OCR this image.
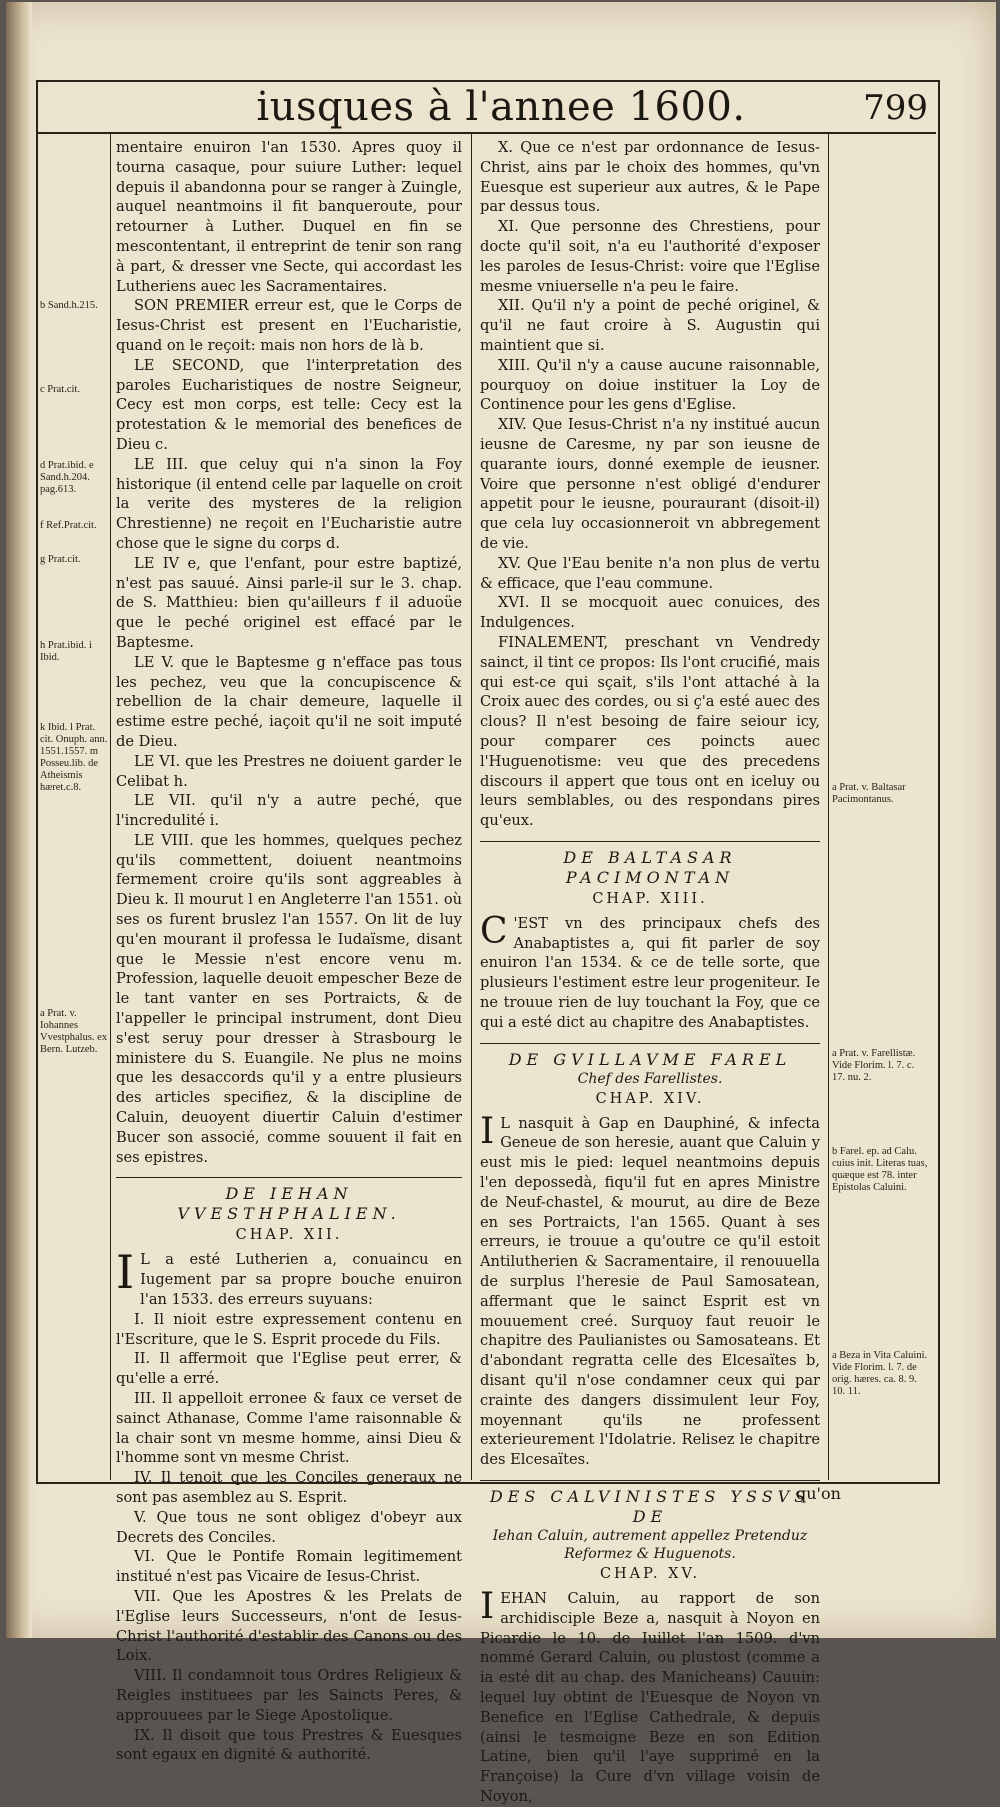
iusques à l'annee 1600.	799
b Sand.h.215.
c Prat.cit.
d Prat.ibid. e Sand.h.204. pag.613.
f Ref.Prat.cit.
g Prat.cit.
h Prat.ibid. i Ibid.
k Ibid. l Prat. cit. Onuph. ann. 1551.1557. m Posseu.lib. de Atheismis hæret.c.8.
a Prat. v. Iohannes Vvestphalus. ex Bern. Lutzeb.
a Prat. v. Baltasar Pacimontanus.
a Prat. v. Farellistæ. Vide Florim. l. 7. c. 17. nu. 2.
b Farel. ep. ad Calu. cuius init. Literas tuas, quæque est 78. inter Epistolas Caluini.
a Beza in Vita Caluini. Vide Florim. l. 7. de orig. hæres. ca. 8. 9. 10. 11.

mentaire enuiron l'an 1530. Apres quoy il tourna casaque, pour suiure Luther: lequel depuis il abandonna pour se ranger à Zuingle, auquel neantmoins il fit banqueroute, pour retourner à Luther. Duquel en fin se mescontentant, il entreprint de tenir son rang à part, & dresser vne Secte, qui accordast les Lutheriens auec les Sacramentaires.

SON PREMIER erreur est, que le Corps de Iesus-Christ est present en l'Eucharistie, quand on le reçoit: mais non hors de là b.

LE SECOND, que l'interpretation des paroles Eucharistiques de nostre Seigneur, Cecy est mon corps, est telle: Cecy est la protestation & le memorial des benefices de Dieu c.

LE III. que celuy qui n'a sinon la Foy historique (il entend celle par laquelle on croit la verite des mysteres de la religion Chrestienne) ne reçoit en l'Eucharistie autre chose que le signe du corps d.

LE IV e, que l'enfant, pour estre baptizé, n'est pas sauué. Ainsi parle-il sur le 3. chap. de S. Matthieu: bien qu'ailleurs f il aduoüe que le peché originel est effacé par le Baptesme.

LE V. que le Baptesme g n'efface pas tous les pechez, veu que la concupiscence & rebellion de la chair demeure, laquelle il estime estre peché, iaçoit qu'il ne soit imputé de Dieu.

LE VI. que les Prestres ne doiuent garder le Celibat h.

LE VII. qu'il n'y a autre peché, que l'incredulité i.

LE VIII. que les hommes, quelques pechez qu'ils commettent, doiuent neantmoins fermement croire qu'ils sont aggreables à Dieu k. Il mourut l en Angleterre l'an 1551. où ses os furent bruslez l'an 1557. On lit de luy qu'en mourant il professa le Iudaïsme, disant que le Messie n'est encore venu m. Profession, laquelle deuoit empescher Beze de le tant vanter en ses Portraicts, & de l'appeller le principal instrument, dont Dieu s'est seruy pour dresser à Strasbourg le ministere du S. Euangile. Ne plus ne moins que les desaccords qu'il y a entre plusieurs des articles specifiez, & la discipline de Caluin, deuoyent diuertir Caluin d'estimer Bucer son associé, comme souuent il fait en ses epistres.

DE IEHAN VVESTHPHALIEN.
CHAP. XII.

I L a esté Lutherien a, conuaincu en Iugement par sa propre bouche enuiron l'an 1533. des erreurs suyuans:

I. Il nioit estre expressement contenu en l'Escriture, que le S. Esprit procede du Fils.

II. Il affermoit que l'Eglise peut errer, & qu'elle a erré.

III. Il appelloit erronee & faux ce verset de sainct Athanase, Comme l'ame raisonnable & la chair sont vn mesme homme, ainsi Dieu & l'homme sont vn mesme Christ.

IV. Il tenoit que les Conciles generaux ne sont pas asemblez au S. Esprit.

V. Que tous ne sont obligez d'obeyr aux Decrets des Conciles.

VI. Que le Pontife Romain legitimement institué n'est pas Vicaire de Iesus-Christ.

VII. Que les Apostres & les Prelats de l'Eglise leurs Successeurs, n'ont de Iesus-Christ l'authorité d'establir des Canons ou des Loix.

VIII. Il condamnoit tous Ordres Religieux & Reigles instituees par les Saincts Peres, & approuuees par le Siege Apostolique.

IX. Il disoit que tous Prestres & Euesques sont egaux en dignité & authorité.

X. Que ce n'est par ordonnance de Iesus-Christ, ains par le choix des hommes, qu'vn Euesque est superieur aux autres, & le Pape par dessus tous.

XI. Que personne des Chrestiens, pour docte qu'il soit, n'a eu l'authorité d'exposer les paroles de Iesus-Christ: voire que l'Eglise mesme vniuerselle n'a peu le faire.

XII. Qu'il n'y a point de peché originel, & qu'il ne faut croire à S. Augustin qui maintient que si.

XIII. Qu'il n'y a cause aucune raisonnable, pourquoy on doiue instituer la Loy de Continence pour les gens d'Eglise.

XIV. Que Iesus-Christ n'a ny institué aucun ieusne de Caresme, ny par son ieusne de quarante iours, donné exemple de ieusner. Voire que personne n'est obligé d'endurer appetit pour le ieusne, pouraurant (disoit-il) que cela luy occasionneroit vn abbregement de vie.

XV. Que l'Eau benite n'a non plus de vertu & efficace, que l'eau commune.

XVI. Il se mocquoit auec conuices, des Indulgences.

FINALEMENT, preschant vn Vendredy sainct, il tint ce propos: Ils l'ont crucifié, mais qui est-ce qui sçait, s'ils l'ont attaché à la Croix auec des cordes, ou si ç'a esté auec des clous? Il n'est besoing de faire seiour icy, pour comparer ces poincts auec l'Huguenotisme: veu que des precedens discours il appert que tous ont en iceluy ou leurs semblables, ou des respondans pires qu'eux.

DE BALTASAR PACIMONTAN
CHAP. XIII.

C 'EST vn des principaux chefs des Anabaptistes a, qui fit parler de soy enuiron l'an 1534. & ce de telle sorte, que plusieurs l'estiment estre leur progeniteur. Ie ne trouue rien de luy touchant la Foy, que ce qui a esté dict au chapitre des Anabaptistes.

DE GVILLAVME FAREL
Chef des Farellistes.
CHAP. XIV.

I L nasquit à Gap en Dauphiné, & infecta Geneue de son heresie, auant que Caluin y eust mis le pied: lequel neantmoins depuis l'en depossedà, fiqu'il fut en apres Ministre de Neuf-chastel, & mourut, au dire de Beze en ses Portraicts, l'an 1565. Quant à ses erreurs, ie trouue a qu'outre ce qu'il estoit Antilutherien & Sacramentaire, il renouuella de surplus l'heresie de Paul Samosatean, affermant que le sainct Esprit est vn mouuement creé. Surquoy faut reuoir le chapitre des Paulianistes ou Samosateans. Et d'abondant regratta celle des Elcesaïtes b, disant qu'il n'ose condamner ceux qui par crainte des dangers dissimulent leur Foy, moyennant qu'ils ne professent exterieurement l'Idolatrie. Relisez le chapitre des Elcesaïtes.

DES CALVINISTES YSSVS DE
Iehan Caluin, autrement appellez Pretenduz Reformez & Huguenots.
CHAP. XV.

IEHAN Caluin, au rapport de son archidisciple Beze a, nasquit à Noyon en Picardie le 10. de Iuillet l'an 1509. d'vn nommé Gerard Caluin, ou plustost (comme a ia esté dit au chap. des Manicheans) Cauuin: lequel luy obtint de l'Euesque de Noyon vn Benefice en l'Eglise Cathedrale, & depuis (ainsi le tesmoigne Beze en son Edition Latine, bien qu'il l'aye supprimé en la Françoise) la Cure d'vn village voisin de Noyon,

qu'on
